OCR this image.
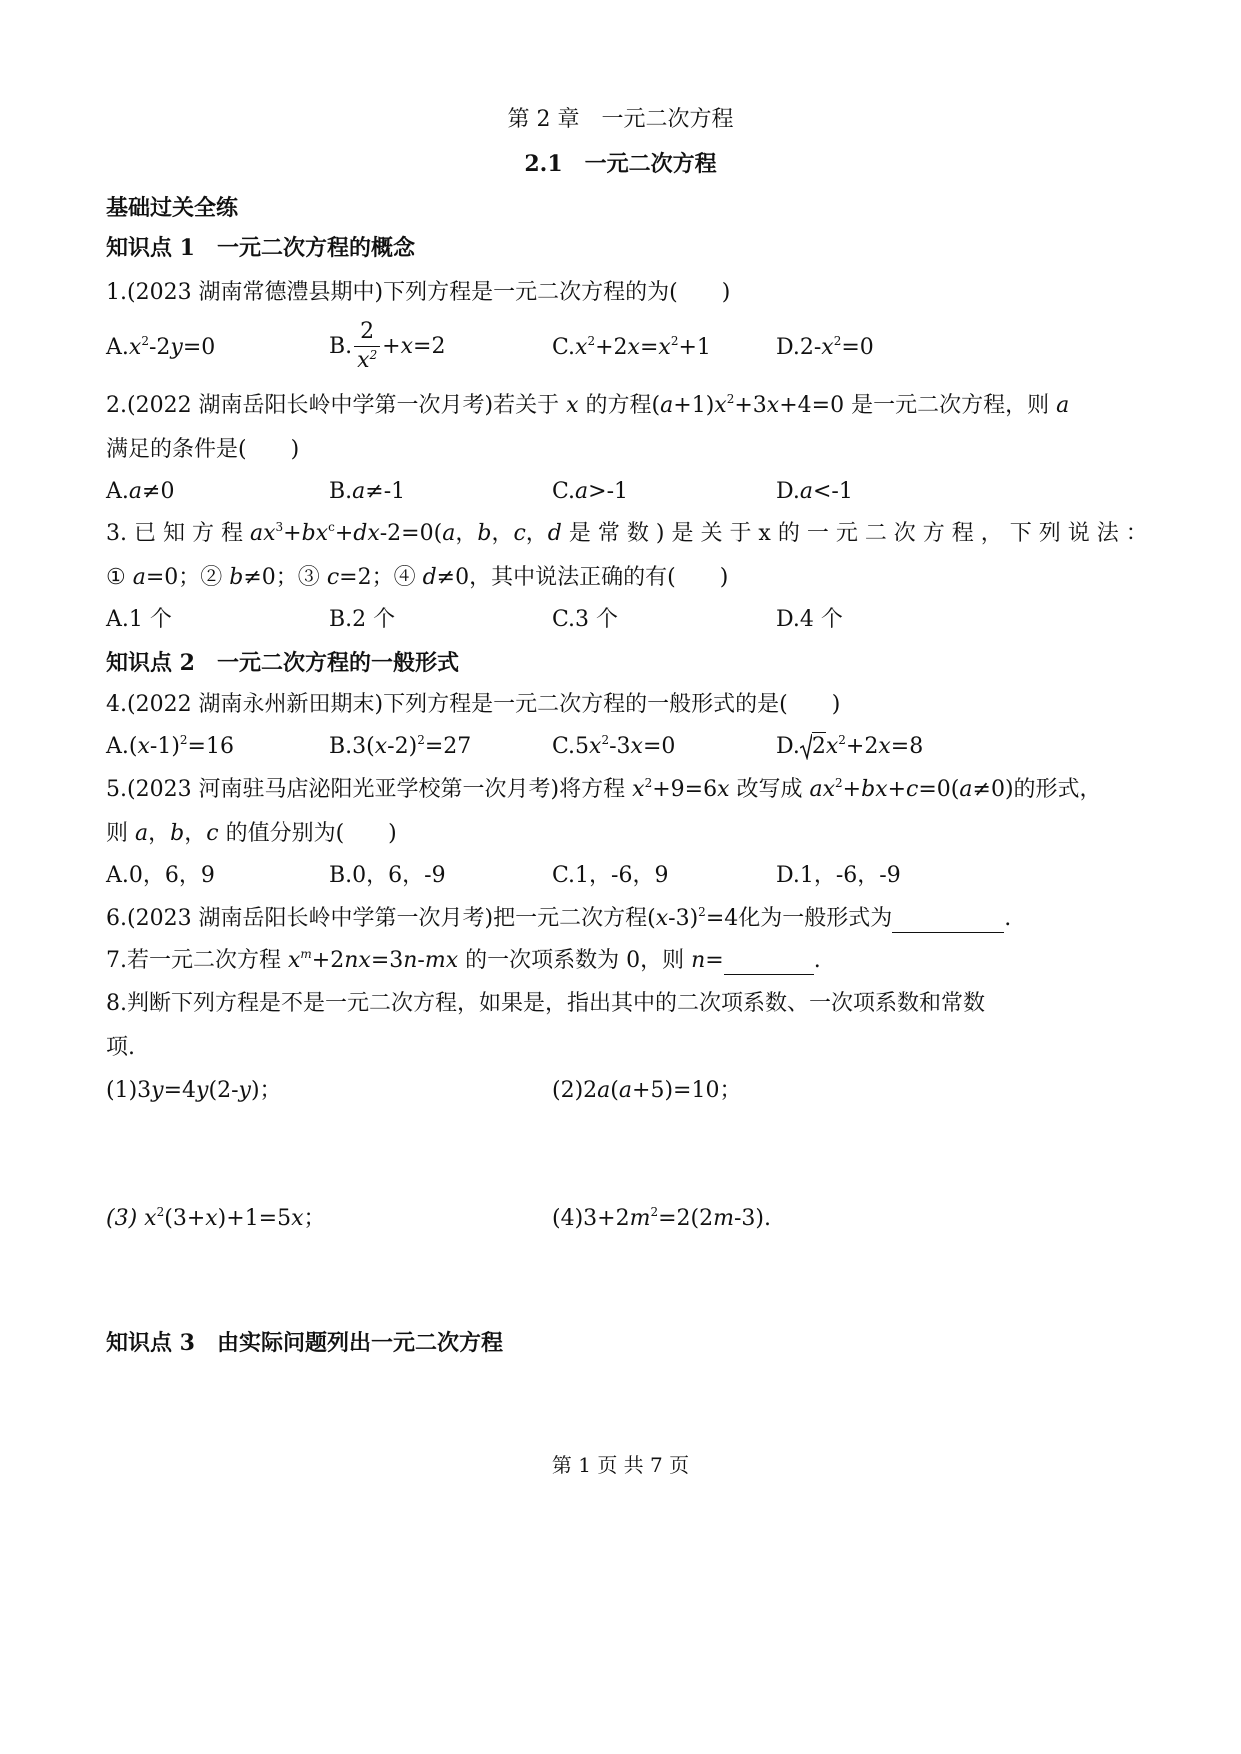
第 2 章　一元二次方程
2.1　一元二次方程
基础过关全练
知识点 1　一元二次方程的概念
1.(2023 湖南常德澧县期中)下列方程是一元二次方程的为(　　)
$A.x^2-2y=0$	B. $\frac{2}{x^2} +x=2$	$C.x^2+2x=x^2+1$	$D.2-x^2=0$
2.(2022 湖南岳阳长岭中学第一次月考)若关于 x 的方程$(a+1)x^2+3x+4=0$ 是一元二次方程，则 a
满足的条件是(　　)
A.a≠0	B.a≠-1	C.a>-1	D.a<-1
3. 已 知 方 程 $ax^3+bx^c+dx-2=0(a$，b，c，d 是 常 数 ) 是 关 于 x 的 一 元 二 次 方 程 ， 下 列 说 法 ：
① a=0；② b≠0；③ c=2；④ d≠0，其中说法正确的有(　　)
A.1 个	B.2 个	C.3 个	D.4 个
知识点 2　一元二次方程的一般形式
4.(2022 湖南永州新田期末)下列方程是一元二次方程的一般形式的是(　　)
$A.(x-1)^2=16$	$B.3(x-2)^2=27$	$C.5x^2-3x=0$	D. $2x^2+2x=8$
5.(2023 河南驻马店泌阳光亚学校第一次月考)将方程 $x^2+9=6x$ 改写成 $ax^2+bx+c=0(a\ne 0)$的形式，
则 a，b，c 的值分别为(　　)
A.0，6，9	B.0，6，-9	C.1，-6，9	D.1，-6，-9
6.(2023 湖南岳阳长岭中学第一次月考)把一元二次方程$(x-3)^2=4$化为一般形式为	.
7.若一元二次方程 $x^m+2nx=3n-mx$ 的一次项系数为 0，则 n=	.
8.判断下列方程是不是一元二次方程，如果是，指出其中的二次项系数、一次项系数和常数
项.
(1)3y=4y(2-y)；	(2)2a(a+5)=10；
(3) $x^2(3+x)+1=5x$；	$(4)3+2m^2=2(2m-3)$.
知识点 3　由实际问题列出一元二次方程
第 1 页 共 7 页
